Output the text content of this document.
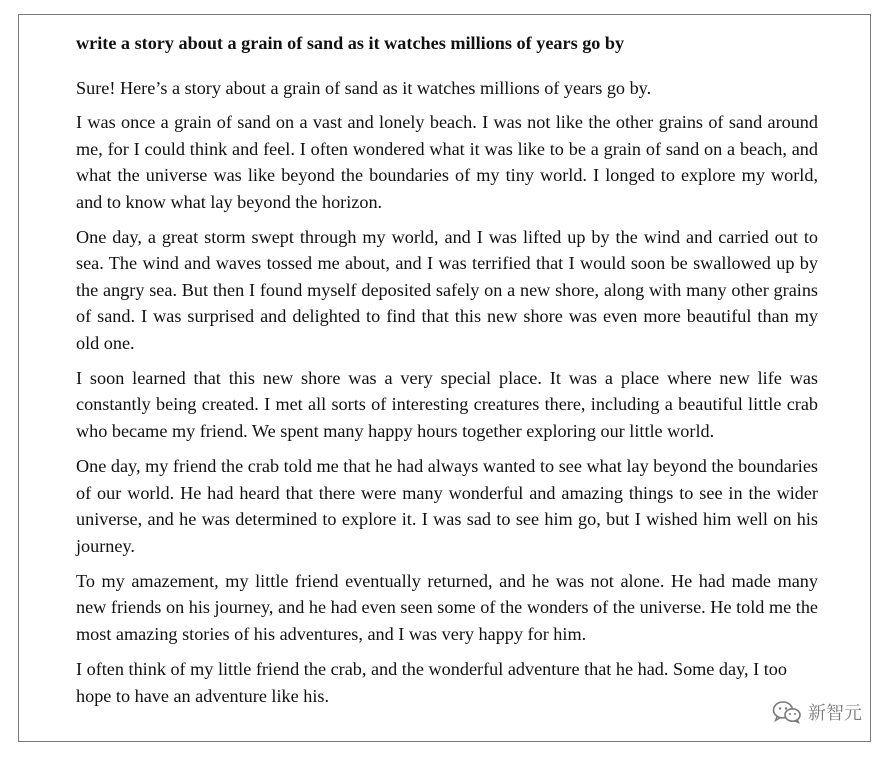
write a story about a grain of sand as it watches millions of years go by

Sure! Here’s a story about a grain of sand as it watches millions of years go by.

I was once a grain of sand on a vast and lonely beach. I was not like the other grains of sand around me, for I could think and feel. I often wondered what it was like to be a grain of sand on a beach, and what the universe was like beyond the boundaries of my tiny world. I longed to explore my world, and to know what lay beyond the horizon.

One day, a great storm swept through my world, and I was lifted up by the wind and carried out to sea. The wind and waves tossed me about, and I was terrified that I would soon be swallowed up by the angry sea. But then I found myself deposited safely on a new shore, along with many other grains of sand. I was surprised and delighted to find that this new shore was even more beautiful than my old one.

I soon learned that this new shore was a very special place. It was a place where new life was constantly being created. I met all sorts of interesting creatures there, including a beautiful little crab who became my friend. We spent many happy hours together exploring our little world.

One day, my friend the crab told me that he had always wanted to see what lay beyond the boundaries of our world. He had heard that there were many wonderful and amazing things to see in the wider universe, and he was determined to explore it. I was sad to see him go, but I wished him well on his journey.

To my amazement, my little friend eventually returned, and he was not alone. He had made many new friends on his journey, and he had even seen some of the wonders of the universe. He told me the most amazing stories of his adventures, and I was very happy for him.

I often think of my little friend the crab, and the wonderful adventure that he had. Some day, I too hope to have an adventure like his.

新智元
